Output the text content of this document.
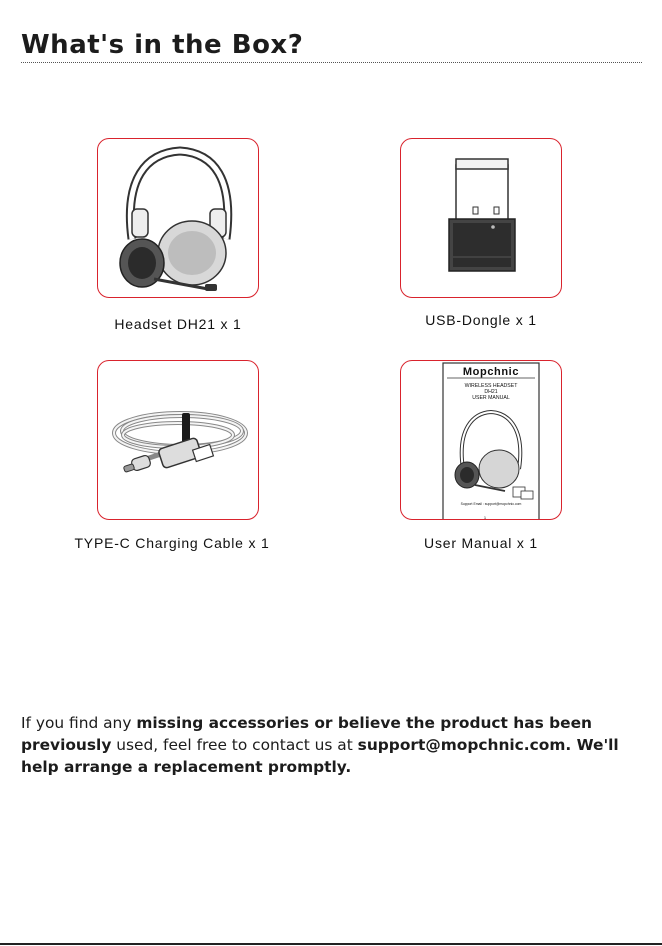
What's in the Box?
Headset DH21 x 1	USB-Dongle x 1
TYPE-C Charging Cable x 1
Mopchnic
WIRELESS HEADSET
DH21
USER MANUAL
Support Email : support@mopchnic.com
1
User Manual x 1
If you find any missing accessories or believe the product has been previously used, feel free to contact us at support@mopchnic.com. We'll help arrange a replacement promptly.
